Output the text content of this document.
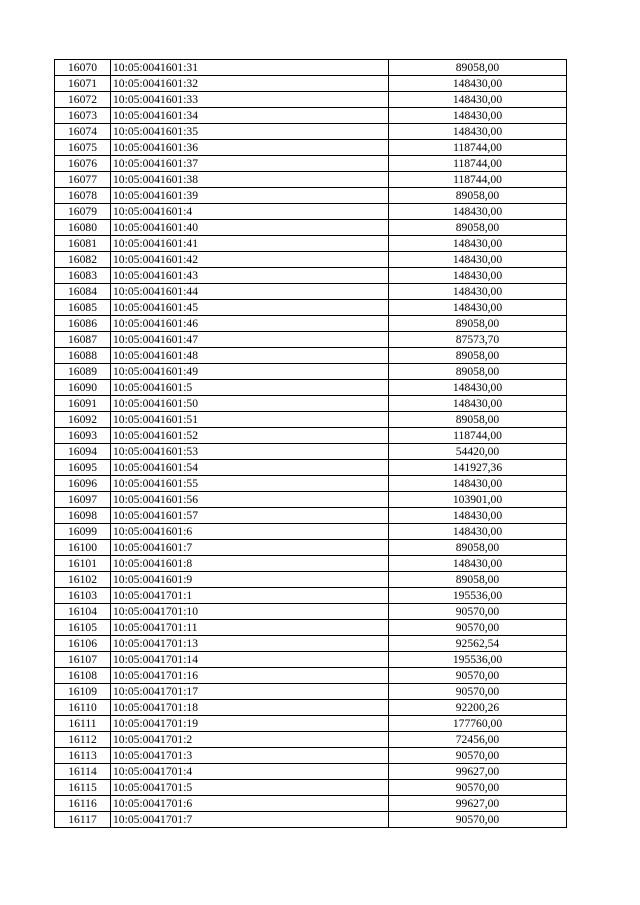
16070	10:05:0041601:31	89058,00
16071	10:05:0041601:32	148430,00
16072	10:05:0041601:33	148430,00
16073	10:05:0041601:34	148430,00
16074	10:05:0041601:35	148430,00
16075	10:05:0041601:36	118744,00
16076	10:05:0041601:37	118744,00
16077	10:05:0041601:38	118744,00
16078	10:05:0041601:39	89058,00
16079	10:05:0041601:4	148430,00
16080	10:05:0041601:40	89058,00
16081	10:05:0041601:41	148430,00
16082	10:05:0041601:42	148430,00
16083	10:05:0041601:43	148430,00
16084	10:05:0041601:44	148430,00
16085	10:05:0041601:45	148430,00
16086	10:05:0041601:46	89058,00
16087	10:05:0041601:47	87573,70
16088	10:05:0041601:48	89058,00
16089	10:05:0041601:49	89058,00
16090	10:05:0041601:5	148430,00
16091	10:05:0041601:50	148430,00
16092	10:05:0041601:51	89058,00
16093	10:05:0041601:52	118744,00
16094	10:05:0041601:53	54420,00
16095	10:05:0041601:54	141927,36
16096	10:05:0041601:55	148430,00
16097	10:05:0041601:56	103901,00
16098	10:05:0041601:57	148430,00
16099	10:05:0041601:6	148430,00
16100	10:05:0041601:7	89058,00
16101	10:05:0041601:8	148430,00
16102	10:05:0041601:9	89058,00
16103	10:05:0041701:1	195536,00
16104	10:05:0041701:10	90570,00
16105	10:05:0041701:11	90570,00
16106	10:05:0041701:13	92562,54
16107	10:05:0041701:14	195536,00
16108	10:05:0041701:16	90570,00
16109	10:05:0041701:17	90570,00
16110	10:05:0041701:18	92200,26
16111	10:05:0041701:19	177760,00
16112	10:05:0041701:2	72456,00
16113	10:05:0041701:3	90570,00
16114	10:05:0041701:4	99627,00
16115	10:05:0041701:5	90570,00
16116	10:05:0041701:6	99627,00
16117	10:05:0041701:7	90570,00
